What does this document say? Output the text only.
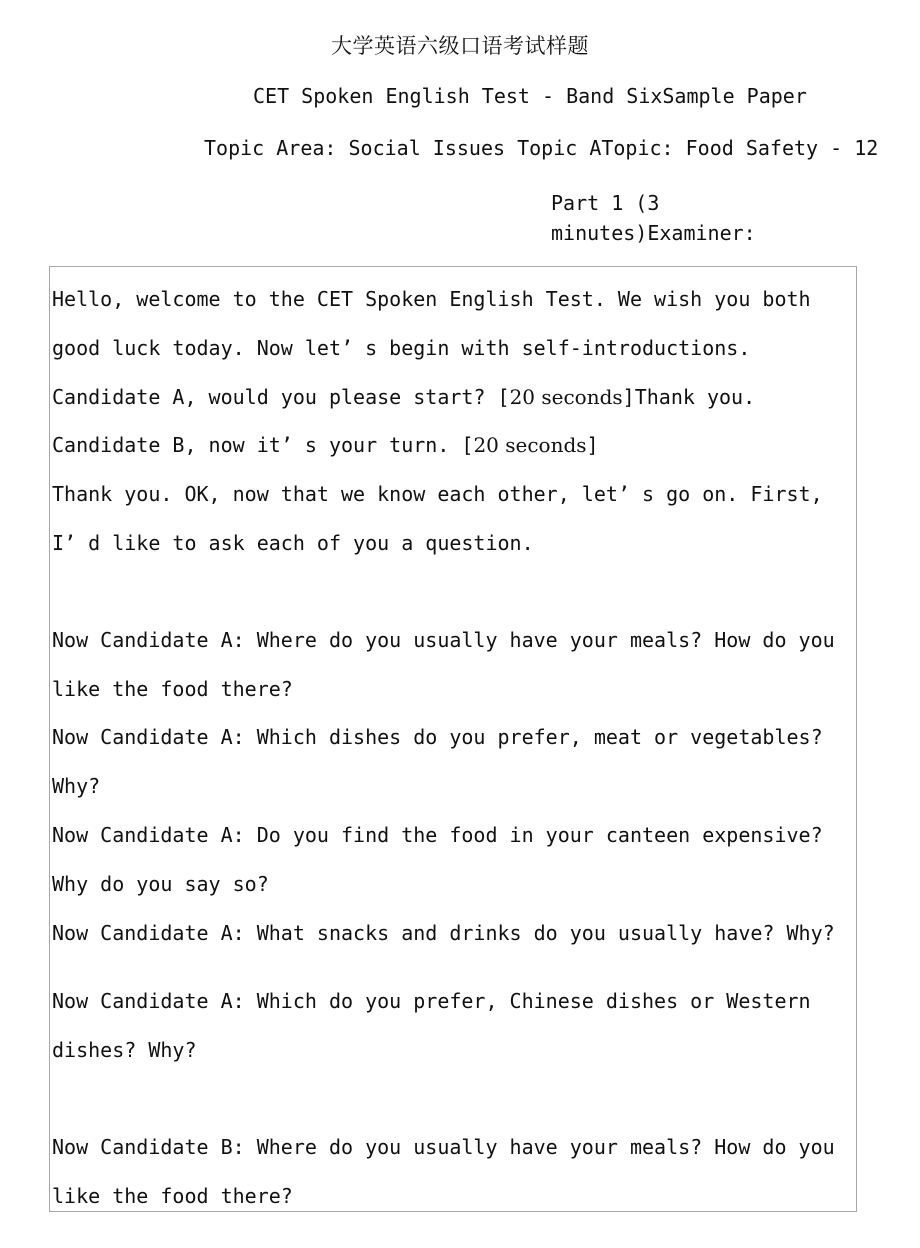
大学英语六级口语考试样题
CET Spoken English Test - Band SixSample Paper
Topic Area: Social Issues Topic ATopic: Food Safety - 12
Part 1 (3
minutes)Examiner:

Hello, welcome to the CET Spoken English Test. We wish you both good luck today. Now let’ s begin with self-introductions.

Candidate A, would you please start? [20 seconds]Thank you. Candidate B, now it’ s your turn. [20 seconds]

Thank you. OK, now that we know each other, let’ s go on. First, I’ d like to ask each of you a question.

Now Candidate A: Where do you usually have your meals? How do you like the food there?

Now Candidate A: Which dishes do you prefer, meat or vegetables? Why?

Now Candidate A: Do you find the food in your canteen expensive? Why do you say so?

Now Candidate A: What snacks and drinks do you usually have? Why?

Now Candidate A: Which do you prefer, Chinese dishes or Western dishes? Why?

Now Candidate B: Where do you usually have your meals? How do you like the food there?
